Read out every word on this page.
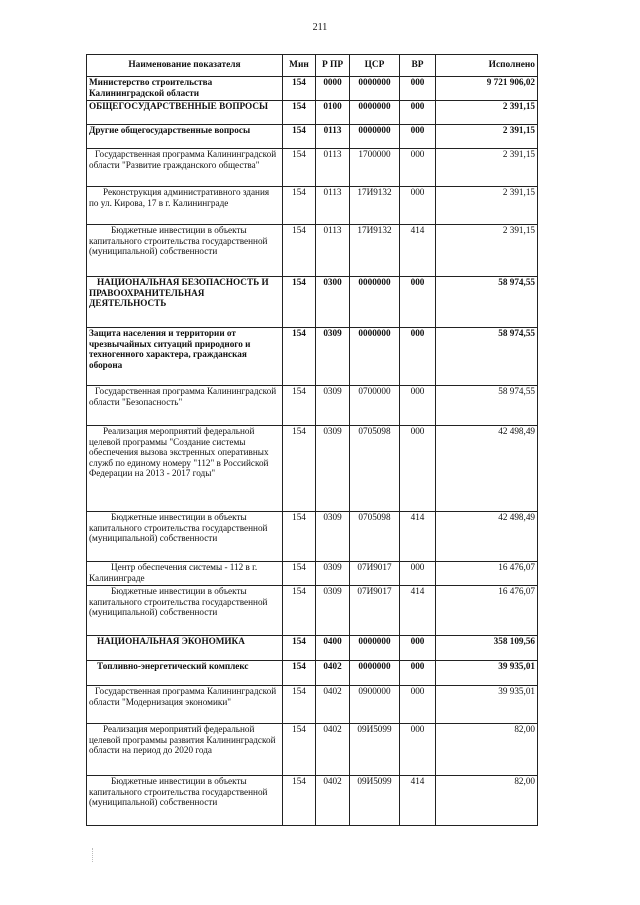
211
Наименование показателя	Мин	Р ПР	ЦСР	ВР	Исполнено
Министерство строительства Калининградской области	154	0000	0000000	000	9 721 906,02
ОБЩЕГОСУДАРСТВЕННЫЕ ВОПРОСЫ	154	0100	0000000	000	2 391,15
Другие общегосударственные вопросы	154	0113	0000000	000	2 391,15
Государственная программа Калининградской области "Развитие гражданского общества"	154	0113	1700000	000	2 391,15
Реконструкция административного здания по ул. Кирова, 17 в г. Калининграде	154	0113	17И9132	000	2 391,15
Бюджетные инвестиции в объекты капитального строительства государственной (муниципальной) собственности	154	0113	17И9132	414	2 391,15
НАЦИОНАЛЬНАЯ БЕЗОПАСНОСТЬ И ПРАВООХРАНИТЕЛЬНАЯ ДЕЯТЕЛЬНОСТЬ	154	0300	0000000	000	58 974,55
Защита населения и территории от чрезвычайных ситуаций природного и техногенного характера, гражданская оборона	154	0309	0000000	000	58 974,55
Государственная программа Калининградской области "Безопасность"	154	0309	0700000	000	58 974,55
Реализация мероприятий федеральной целевой программы "Создание системы обеспечения вызова экстренных оперативных служб по единому номеру "112" в Российской Федерации на 2013 - 2017 годы"	154	0309	0705098	000	42 498,49
Бюджетные инвестиции в объекты капитального строительства государственной (муниципальной) собственности	154	0309	0705098	414	42 498,49
Центр обеспечения системы - 112 в г. Калининграде	154	0309	07И9017	000	16 476,07
Бюджетные инвестиции в объекты капитального строительства государственной (муниципальной) собственности	154	0309	07И9017	414	16 476,07
НАЦИОНАЛЬНАЯ ЭКОНОМИКА	154	0400	0000000	000	358 109,56
Топливно-энергетический комплекс	154	0402	0000000	000	39 935,01
Государственная программа Калининградской области "Модернизация экономики"	154	0402	0900000	000	39 935,01
Реализация мероприятий федеральной целевой программы развития Калининградской области на период до 2020 года	154	0402	09И5099	000	82,00
Бюджетные инвестиции в объекты капитального строительства государственной (муниципальной) собственности	154	0402	09И5099	414	82,00
